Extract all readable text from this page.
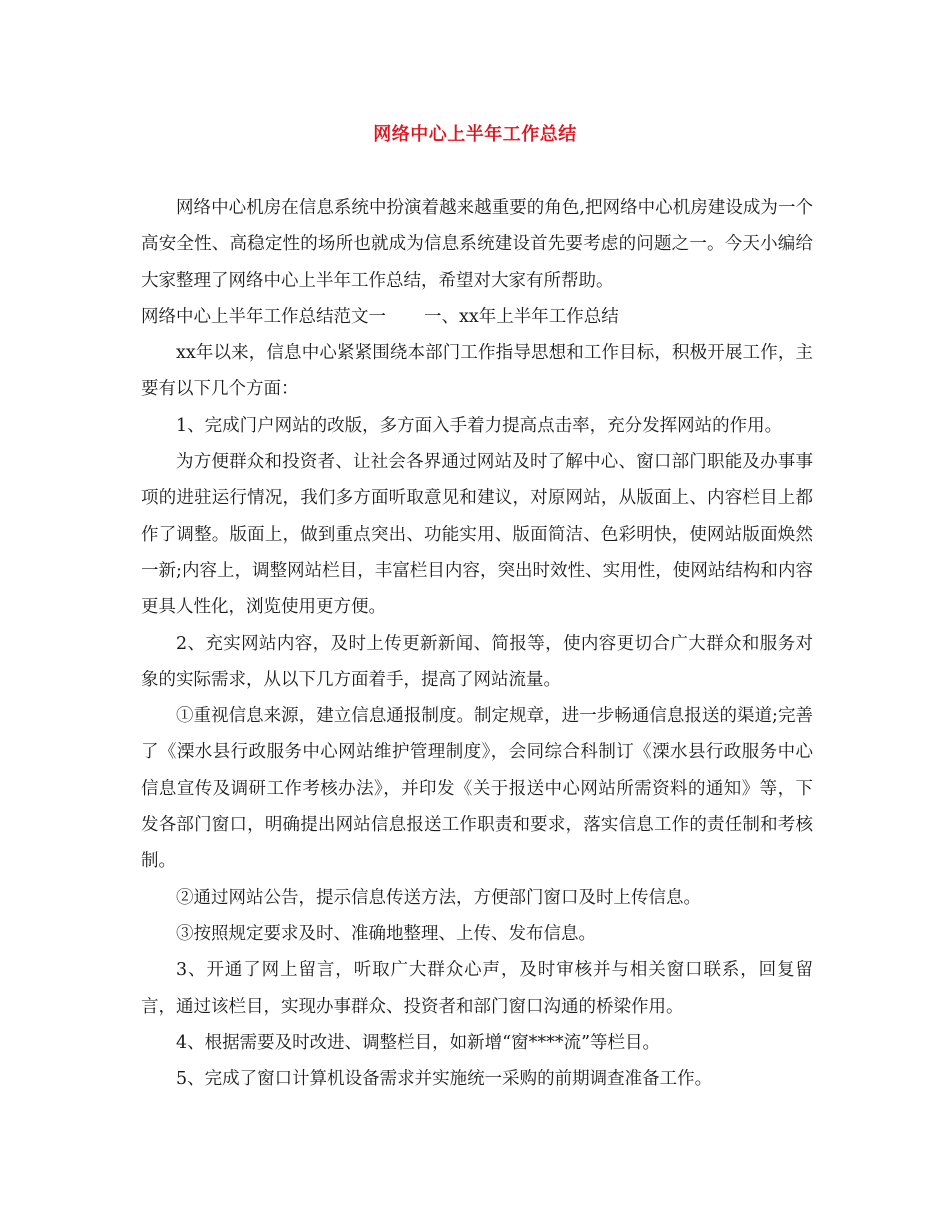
网络中心上半年工作总结

网络中心机房在信息系统中扮演着越来越重要的角色,把网络中心机房建设成为一个高安全性、高稳定性的场所也就成为信息系统建设首先要考虑的问题之一。今天小编给大家整理了网络中心上半年工作总结，希望对大家有所帮助。

网络中心上半年工作总结范文一 一、xx年上半年工作总结

xx年以来，信息中心紧紧围绕本部门工作指导思想和工作目标，积极开展工作，主要有以下几个方面：

1、完成门户网站的改版，多方面入手着力提高点击率，充分发挥网站的作用。

为方便群众和投资者、让社会各界通过网站及时了解中心、窗口部门职能及办事事项的进驻运行情况，我们多方面听取意见和建议，对原网站，从版面上、内容栏目上都作了调整。版面上，做到重点突出、功能实用、版面简洁、色彩明快，使网站版面焕然一新;内容上，调整网站栏目，丰富栏目内容，突出时效性、实用性，使网站结构和内容更具人性化，浏览使用更方便。

2、充实网站内容，及时上传更新新闻、简报等，使内容更切合广大群众和服务对象的实际需求，从以下几方面着手，提高了网站流量。

①重视信息来源，建立信息通报制度。制定规章，进一步畅通信息报送的渠道;完善了《溧水县行政服务中心网站维护管理制度》，会同综合科制订《溧水县行政服务中心信息宣传及调研工作考核办法》，并印发《关于报送中心网站所需资料的通知》等，下发各部门窗口，明确提出网站信息报送工作职责和要求，落实信息工作的责任制和考核制。

②通过网站公告，提示信息传送方法，方便部门窗口及时上传信息。

③按照规定要求及时、准确地整理、上传、发布信息。

3、开通了网上留言，听取广大群众心声，及时审核并与相关窗口联系，回复留言，通过该栏目，实现办事群众、投资者和部门窗口沟通的桥梁作用。

4、根据需要及时改进、调整栏目，如新增“窗****流”等栏目。

5、完成了窗口计算机设备需求并实施统一采购的前期调查准备工作。
